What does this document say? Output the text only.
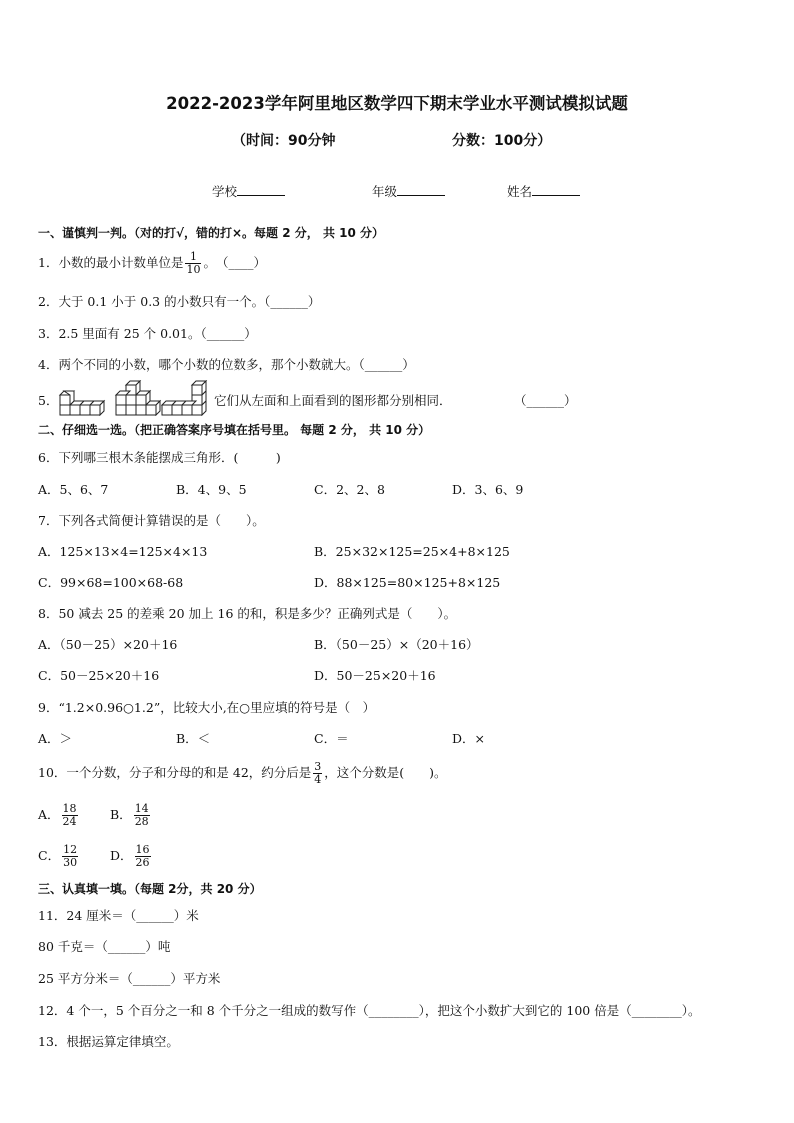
2022-2023学年阿里地区数学四下期末学业水平测试模拟试题
（时间：90分钟	分数：100分）
学校	年级	姓名
一、谨慎判一判。（对的打√，错的打×。每题 2 分， 共 10 分）
1．小数的最小计数单位是 $\frac{1}{10}$ 。　（____）
2．大于 0.1 小于 0.3 的小数只有一个。（______）
3．2.5 里面有 25 个 0.01。（______）
4．两个不同的小数，哪个小数的位数多，那个小数就大。（______）
5．	它们从左面和上面看到的图形都分别相同．	（______）
二、仔细选一选。（把正确答案序号填在括号里。 每题 2 分， 共 10 分）
6．下列哪三根木条能摆成三角形．(　　　)
A．5、6、7	B．4、9、5	C．2、2、8	D．3、6、9
7．下列各式简便计算错误的是（　　）。
A．125×13×4=125×4×13	B．25×32×125=25×4+8×125
C．99×68=100×68-68	D．88×125=80×125+8×125
8．50 减去 25 的差乘 20 加上 16 的和，积是多少？正确列式是（　　）。
A．（50－25）×20＋16	B．（50－25）×（20＋16）
C．50－25×20＋16	D．50－25×20＋16
9．“1.2×0.96○1.2”，比较大小,在○里应填的符号是（　）
A．＞	B．＜	C．＝	D．×
10．一个分数，分子和分母的和是 42，约分后是 $\frac{3}{4}$ ，这个分数是(　　)。
A． $\frac{18}{24}$	B． $\frac{14}{28}$
C． $\frac{12}{30}$	D． $\frac{16}{26}$
三、认真填一填。（每题 2分，共 20 分）
11．24 厘米＝（______）米
80 千克＝（______）吨
25 平方分米＝（______）平方米
12．4 个一，5 个百分之一和 8 个千分之一组成的数写作（________），把这个小数扩大到它的 100 倍是（________）。
13．根据运算定律填空。
